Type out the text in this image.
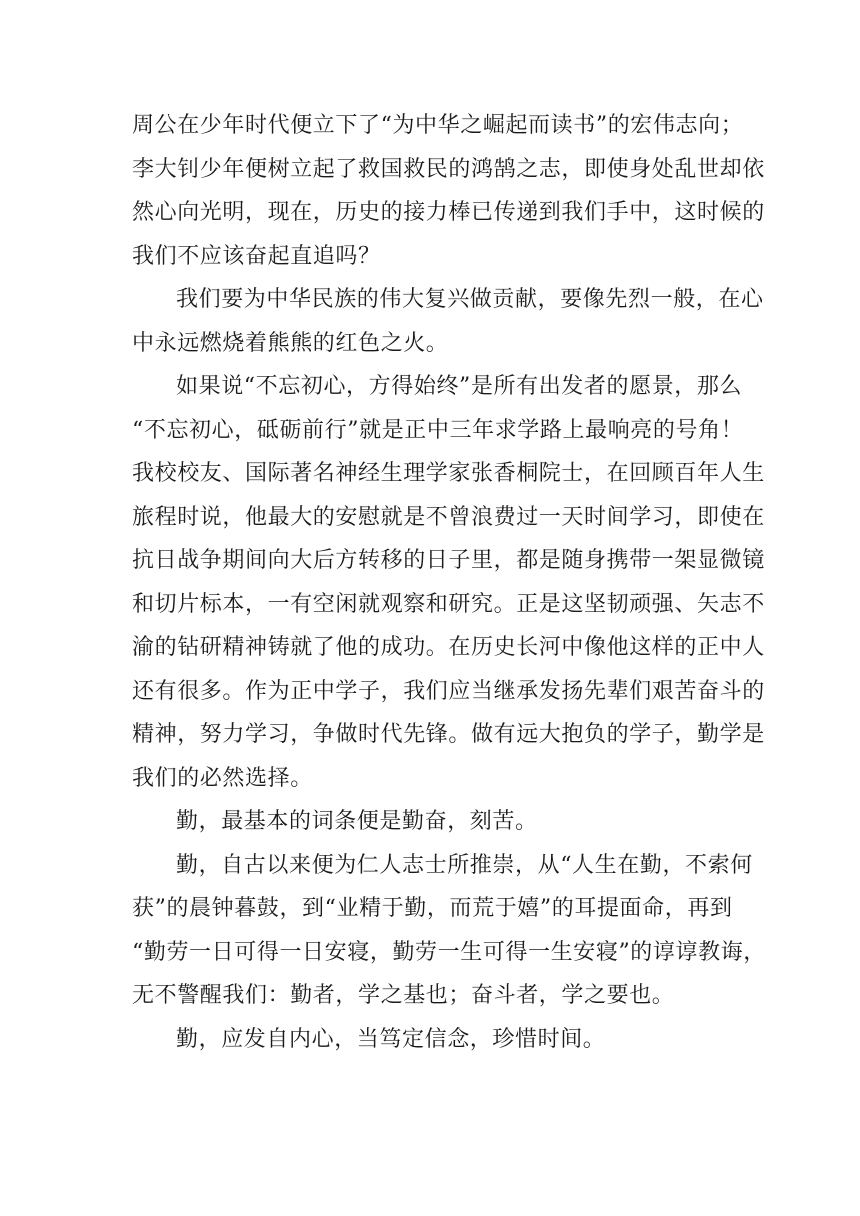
周公在少年时代便立下了“为中华之崛起而读书”的宏伟志向；
李大钊少年便树立起了救国救民的鸿鹄之志，即使身处乱世却依
然心向光明，现在，历史的接力棒已传递到我们手中，这时候的
我们不应该奋起直追吗？

我们要为中华民族的伟大复兴做贡献，要像先烈一般，在心
中永远燃烧着熊熊的红色之火。

如果说“不忘初心，方得始终”是所有出发者的愿景，那么
“不忘初心，砥砺前行”就是正中三年求学路上最响亮的号角！
我校校友、国际著名神经生理学家张香桐院士，在回顾百年人生
旅程时说，他最大的安慰就是不曾浪费过一天时间学习，即使在
抗日战争期间向大后方转移的日子里，都是随身携带一架显微镜
和切片标本，一有空闲就观察和研究。正是这坚韧顽强、矢志不
渝的钻研精神铸就了他的成功。在历史长河中像他这样的正中人
还有很多。作为正中学子，我们应当继承发扬先辈们艰苦奋斗的
精神，努力学习，争做时代先锋。做有远大抱负的学子，勤学是
我们的必然选择。

勤，最基本的词条便是勤奋，刻苦。

勤，自古以来便为仁人志士所推崇，从“人生在勤，不索何
获”的晨钟暮鼓，到“业精于勤，而荒于嬉”的耳提面命，再到
“勤劳一日可得一日安寝，勤劳一生可得一生安寝”的谆谆教诲，
无不警醒我们：勤者，学之基也；奋斗者，学之要也。

勤，应发自内心，当笃定信念，珍惜时间。
